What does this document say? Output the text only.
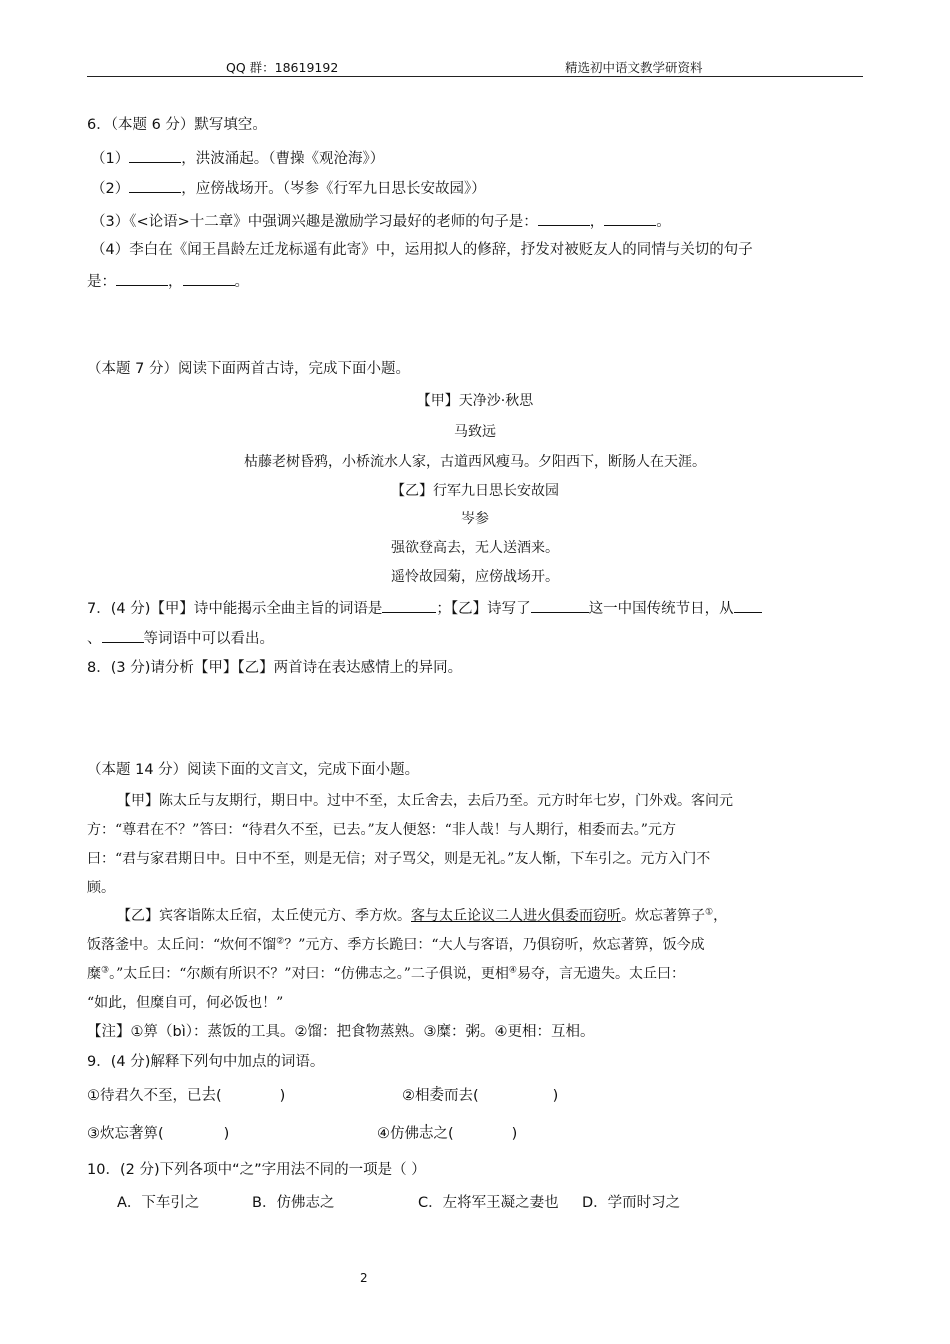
QQ 群：18619192	精选初中语文教学研资料
6．（本题 6 分）默写填空。
（1）	，洪波涌起。（曹操《观沧海》）
（2）	，应傍战场开。（岑参《行军九日思长安故园》）
（3）《<论语>十二章》中强调兴趣是激励学习最好的老师的句子是：	，	。
（4）李白在《闻王昌龄左迁龙标遥有此寄》中，运用拟人的修辞，抒发对被贬友人的同情与关切的句子
是：	，	。
（本题 7 分）阅读下面两首古诗，完成下面小题。
【甲】天净沙·秋思
马致远
枯藤老树昏鸦，小桥流水人家，古道西风瘦马。夕阳西下，断肠人在天涯。
【乙】行军九日思长安故园
岑参
强欲登高去，无人送酒来。
遥怜故园菊，应傍战场开。
7．(4 分)【甲】诗中能揭示全曲主旨的词语是	；【乙】诗写了	这一中国传统节日，从
、	等词语中可以看出。
8．(3 分)请分析【甲】【乙】两首诗在表达感情上的异同。
（本题 14 分）阅读下面的文言文，完成下面小题。
【甲】陈太丘与友期行，期日中。过中不至，太丘舍去，去后乃至。元方时年七岁，门外戏。客问元
方：“尊君在不？”答曰：“待君久不至，已去。”友人便怒：“非人哉！与人期行，相委而去。”元方
曰：“君与家君期日中。日中不至，则是无信；对子骂父，则是无礼。”友人惭，下车引之。元方入门不
顾。
【乙】宾客诣陈太丘宿，太丘使元方、季方炊。客与太丘论议二人进火俱委而窃听。炊忘著箅子①，
饭落釜中。太丘问：“炊何不馏②？”元方、季方长跪曰：“大人与客语，乃俱窃听，炊忘著箅，饭今成
糜③。”太丘曰：“尔颇有所识不？”对曰：“仿佛志之。”二子俱说，更相④易夺，言无遗失。太丘曰：
“如此，但糜自可，何必饭也！”
【注】①箅（bì）：蒸饭的工具。②馏：把食物蒸熟。③糜：粥。④更相：互相。
9．(4 分)解释下列句中加点的词语。
①待君久不至，已去(	)	②相委而去(	)
③炊忘著箅(	)	④仿佛志之(	)
10．(2 分)下列各项中“之”字用法不同的一项是（ ）
A．下车引之	B．仿佛志之	C．左将军王凝之妻也 D．学而时习之
2
